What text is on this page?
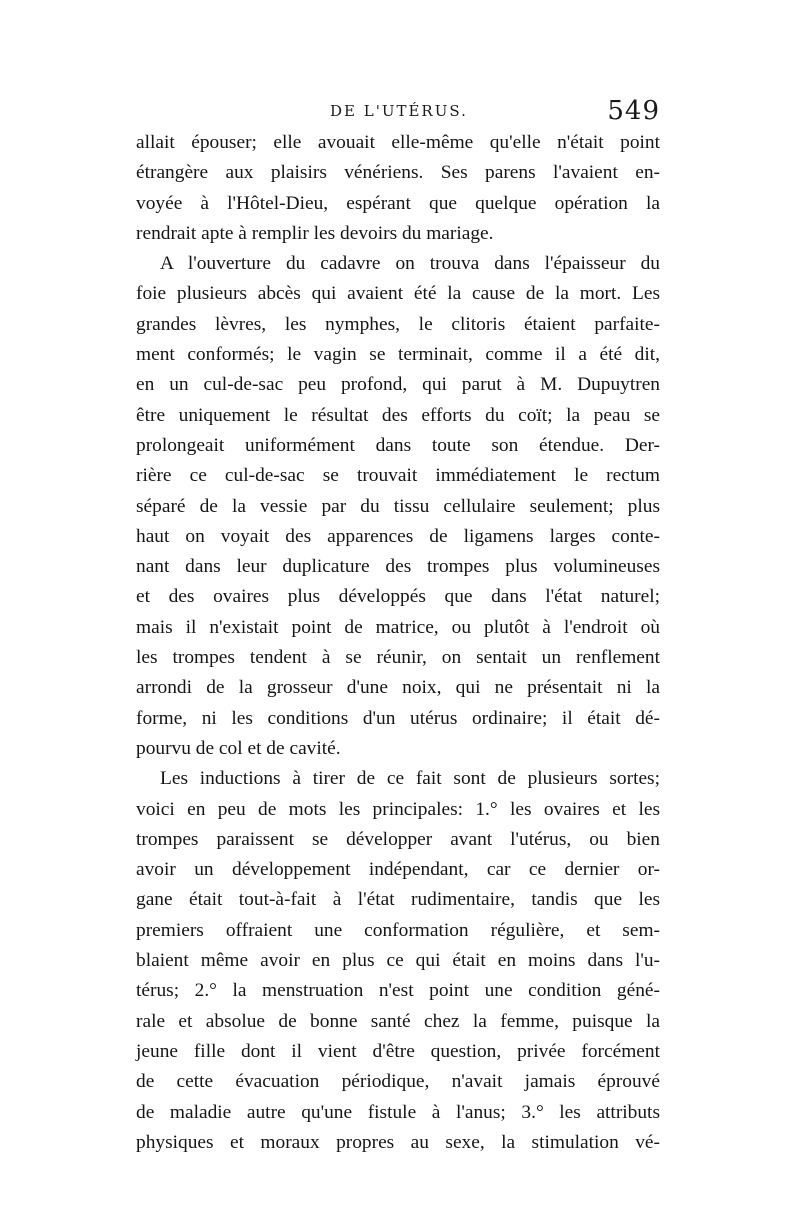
DE L'UTÉRUS.	549
allait épouser; elle avouait elle-même qu'elle n'était point
étrangère aux plaisirs vénériens. Ses parens l'avaient en-
voyée à l'Hôtel-Dieu, espérant que quelque opération la
rendrait apte à remplir les devoirs du mariage.
A l'ouverture du cadavre on trouva dans l'épaisseur du
foie plusieurs abcès qui avaient été la cause de la mort. Les
grandes lèvres, les nymphes, le clitoris étaient parfaite-
ment conformés; le vagin se terminait, comme il a été dit,
en un cul-de-sac peu profond, qui parut à M. Dupuytren
être uniquement le résultat des efforts du coït; la peau se
prolongeait uniformément dans toute son étendue. Der-
rière ce cul-de-sac se trouvait immédiatement le rectum
séparé de la vessie par du tissu cellulaire seulement; plus
haut on voyait des apparences de ligamens larges conte-
nant dans leur duplicature des trompes plus volumineuses
et des ovaires plus développés que dans l'état naturel;
mais il n'existait point de matrice, ou plutôt à l'endroit où
les trompes tendent à se réunir, on sentait un renflement
arrondi de la grosseur d'une noix, qui ne présentait ni la
forme, ni les conditions d'un utérus ordinaire; il était dé-
pourvu de col et de cavité.
Les inductions à tirer de ce fait sont de plusieurs sortes;
voici en peu de mots les principales: 1.° les ovaires et les
trompes paraissent se développer avant l'utérus, ou bien
avoir un développement indépendant, car ce dernier or-
gane était tout-à-fait à l'état rudimentaire, tandis que les
premiers offraient une conformation régulière, et sem-
blaient même avoir en plus ce qui était en moins dans l'u-
térus; 2.° la menstruation n'est point une condition géné-
rale et absolue de bonne santé chez la femme, puisque la
jeune fille dont il vient d'être question, privée forcément
de cette évacuation périodique, n'avait jamais éprouvé
de maladie autre qu'une fistule à l'anus; 3.° les attributs
physiques et moraux propres au sexe, la stimulation vé-
